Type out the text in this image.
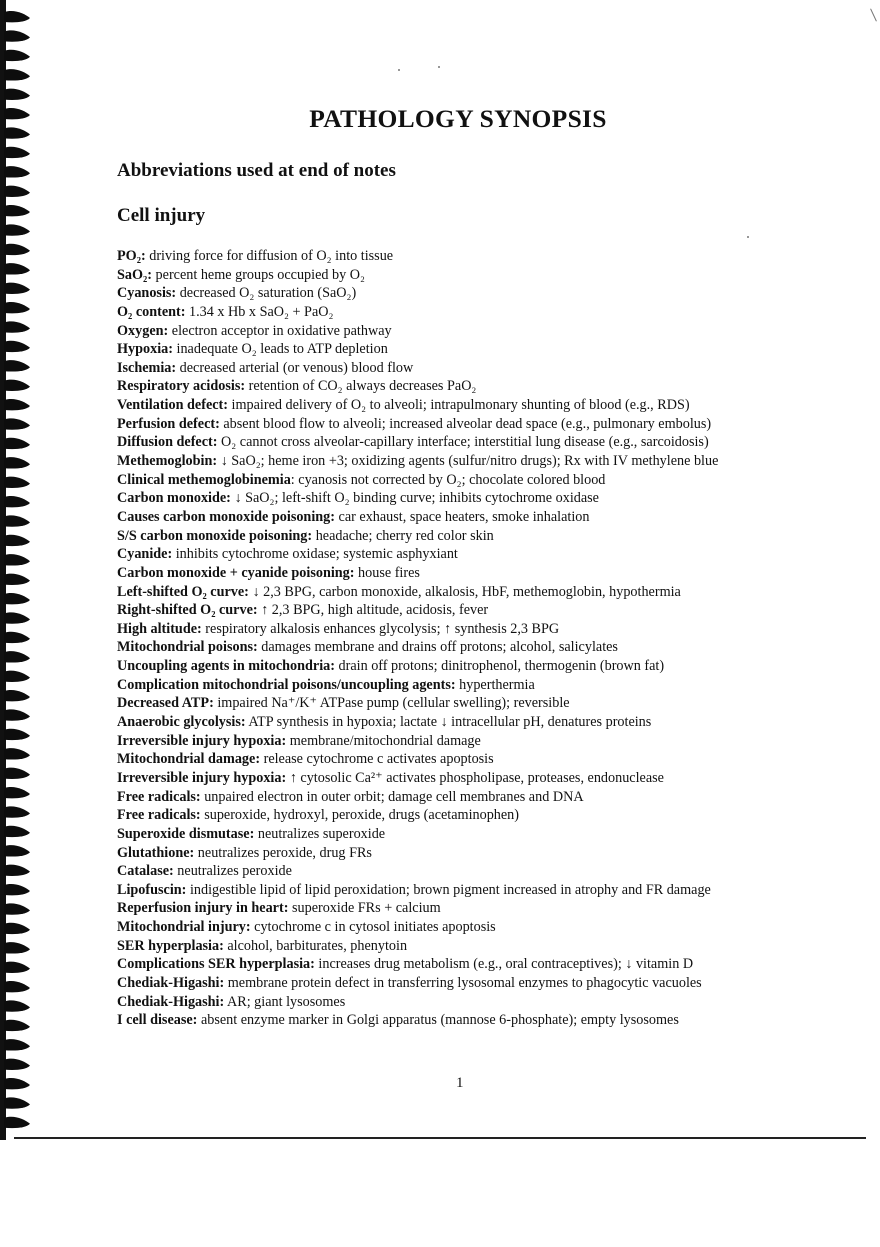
PATHOLOGY SYNOPSIS
Abbreviations used at end of notes
Cell injury
PO₂: driving force for diffusion of O₂ into tissue
SaO₂: percent heme groups occupied by O₂
Cyanosis: decreased O₂ saturation (SaO₂)
O₂ content: 1.34 x Hb x SaO₂ + PaO₂
Oxygen: electron acceptor in oxidative pathway
Hypoxia: inadequate O₂ leads to ATP depletion
Ischemia: decreased arterial (or venous) blood flow
Respiratory acidosis: retention of CO₂ always decreases PaO₂
Ventilation defect: impaired delivery of O₂ to alveoli; intrapulmonary shunting of blood (e.g., RDS)
Perfusion defect: absent blood flow to alveoli; increased alveolar dead space (e.g., pulmonary embolus)
Diffusion defect: O₂ cannot cross alveolar-capillary interface; interstitial lung disease (e.g., sarcoidosis)
Methemoglobin: ↓ SaO₂; heme iron +3; oxidizing agents (sulfur/nitro drugs); Rx with IV methylene blue
Clinical methemoglobinemia: cyanosis not corrected by O₂; chocolate colored blood
Carbon monoxide: ↓ SaO₂; left-shift O₂ binding curve; inhibits cytochrome oxidase
Causes carbon monoxide poisoning: car exhaust, space heaters, smoke inhalation
S/S carbon monoxide poisoning: headache; cherry red color skin
Cyanide: inhibits cytochrome oxidase; systemic asphyxiant
Carbon monoxide + cyanide poisoning: house fires
Left-shifted O₂ curve: ↓ 2,3 BPG, carbon monoxide, alkalosis, HbF, methemoglobin, hypothermia
Right-shifted O₂ curve: ↑ 2,3 BPG, high altitude, acidosis, fever
High altitude: respiratory alkalosis enhances glycolysis; ↑ synthesis 2,3 BPG
Mitochondrial poisons: damages membrane and drains off protons; alcohol, salicylates
Uncoupling agents in mitochondria: drain off protons; dinitrophenol, thermogenin (brown fat)
Complication mitochondrial poisons/uncoupling agents: hyperthermia
Decreased ATP: impaired Na⁺/K⁺ ATPase pump (cellular swelling); reversible
Anaerobic glycolysis: ATP synthesis in hypoxia; lactate ↓ intracellular pH, denatures proteins
Irreversible injury hypoxia: membrane/mitochondrial damage
Mitochondrial damage: release cytochrome c activates apoptosis
Irreversible injury hypoxia: ↑ cytosolic Ca²⁺ activates phospholipase, proteases, endonuclease
Free radicals: unpaired electron in outer orbit; damage cell membranes and DNA
Free radicals: superoxide, hydroxyl, peroxide, drugs (acetaminophen)
Superoxide dismutase: neutralizes superoxide
Glutathione: neutralizes peroxide, drug FRs
Catalase: neutralizes peroxide
Lipofuscin: indigestible lipid of lipid peroxidation; brown pigment increased in atrophy and FR damage
Reperfusion injury in heart: superoxide FRs + calcium
Mitochondrial injury: cytochrome c in cytosol initiates apoptosis
SER hyperplasia: alcohol, barbiturates, phenytoin
Complications SER hyperplasia: increases drug metabolism (e.g., oral contraceptives); ↓ vitamin D
Chediak-Higashi: membrane protein defect in transferring lysosomal enzymes to phagocytic vacuoles
Chediak-Higashi: AR; giant lysosomes
I cell disease: absent enzyme marker in Golgi apparatus (mannose 6-phosphate); empty lysosomes
1
